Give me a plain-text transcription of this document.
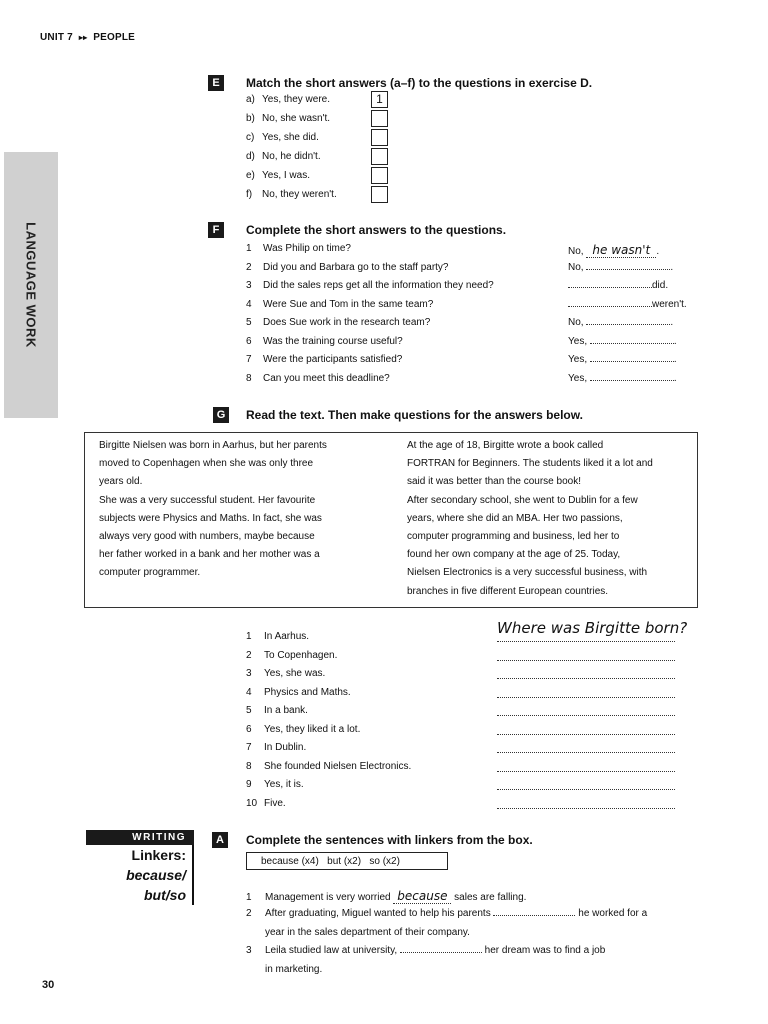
UNIT 7 ▸▸ PEOPLE
LANGUAGE WORK
E	Match the short answers (a–f) to the questions in exercise D.
a) Yes, they were.	1
b) No, she wasn't.
c) Yes, she did.
d) No, he didn't.
e) Yes, I was.
f) No, they weren't.
F	Complete the short answers to the questions.
1 Was Philip on time?	No, he wasn't .
2 Did you and Barbara go to the staff party?	No,	.
3 Did the sales reps get all the information they need?	did.
4 Were Sue and Tom in the same team?	weren't.
5 Does Sue work in the research team?	No,	.
6 Was the training course useful?	Yes,	.
7 Were the participants satisfied?	Yes,	.
8 Can you meet this deadline?	Yes,	.
G	Read the text. Then make questions for the answers below.
Birgitte Nielsen was born in Aarhus, but her parents
moved to Copenhagen when she was only three
years old.
She was a very successful student. Her favourite
subjects were Physics and Maths. In fact, she was
always very good with numbers, maybe because
her father worked in a bank and her mother was a
computer programmer.
At the age of 18, Birgitte wrote a book called
FORTRAN for Beginners. The students liked it a lot and
said it was better than the course book!
After secondary school, she went to Dublin for a few
years, where she did an MBA. Her two passions,
computer programming and business, led her to
found her own company at the age of 25. Today,
Nielsen Electronics is a very successful business, with
branches in five different European countries.
1 In Aarhus.	Where was Birgitte born?
2 To Copenhagen.
3 Yes, she was.
4 Physics and Maths.
5 In a bank.
6 Yes, they liked it a lot.
7 In Dublin.
8 She founded Nielsen Electronics.
9 Yes, it is.
10 Five.
WRITING
Linkers:
because/
but/so
A	Complete the sentences with linkers from the box.
because (x4)   but (x2)   so (x2)
1 Management is very worried because sales are falling.
2 After graduating, Miguel wanted to help his parents	he worked for a
year in the sales department of their company.
3 Leila studied law at university,	her dream was to find a job
in marketing.
30
